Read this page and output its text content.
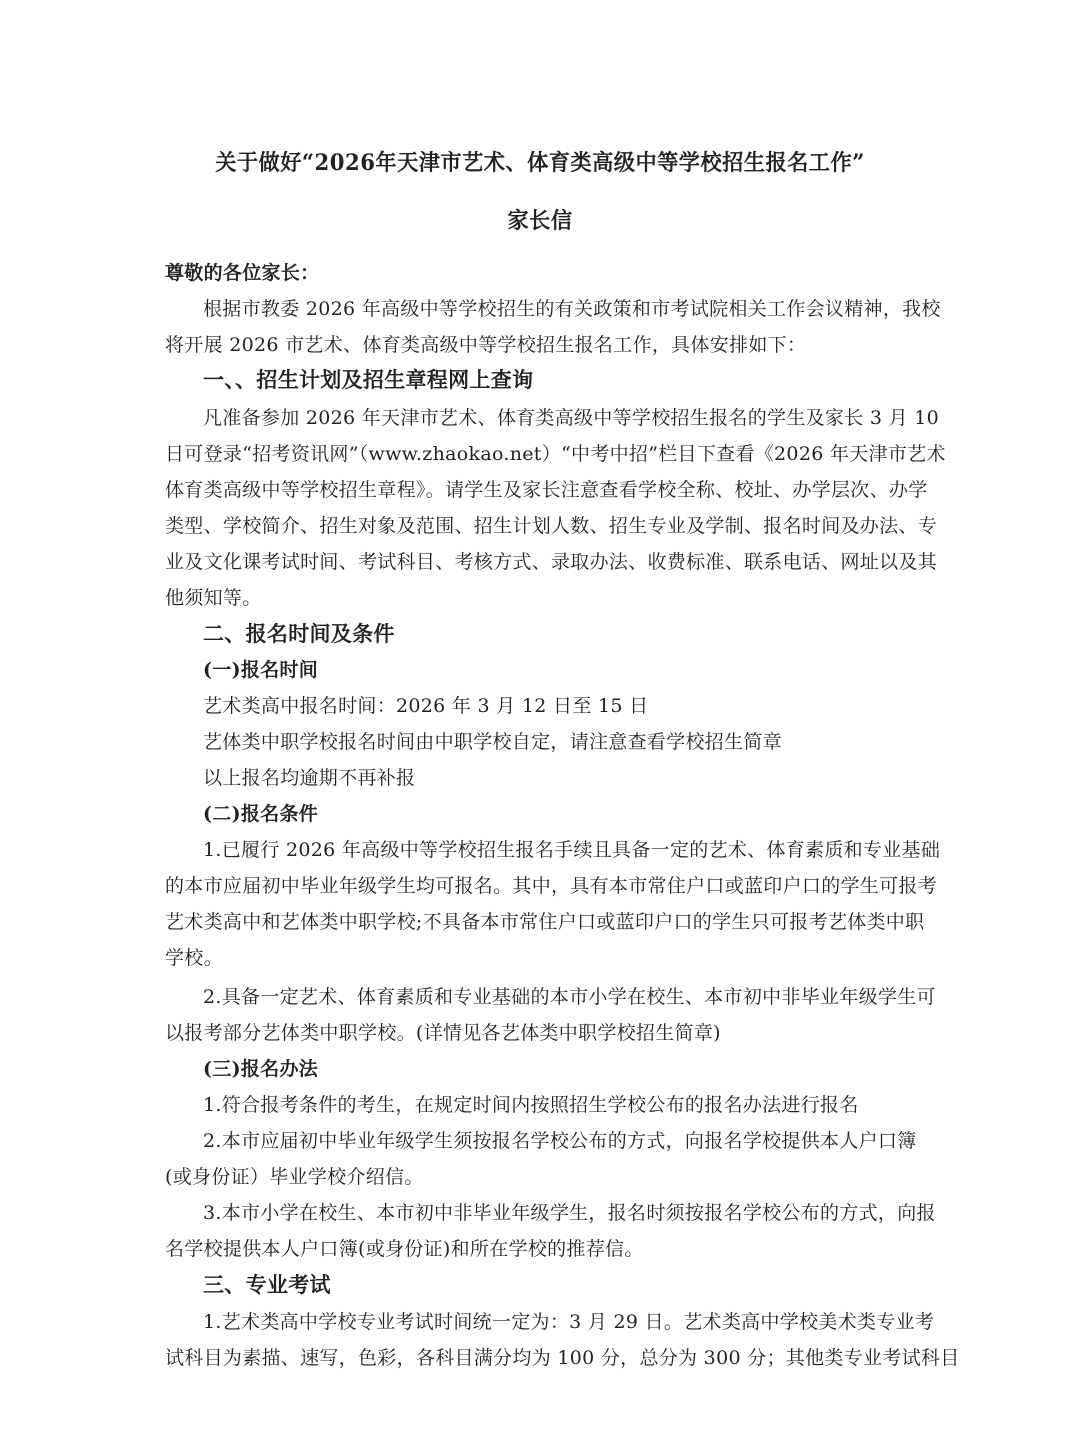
关于做好“2026年天津市艺术、体育类高级中等学校招生报名工作”
家长信
尊敬的各位家长：
根据市教委 2026 年高级中等学校招生的有关政策和市考试院相关工作会议精神，我校
将开展 2026 市艺术、体育类高级中等学校招生报名工作，具体安排如下：
一、、招生计划及招生章程网上查询
凡准备参加 2026 年天津市艺术、体育类高级中等学校招生报名的学生及家长 3 月 10
日可登录“招考资讯网”（www.zhaokao.net）“中考中招”栏目下查看《2026 年天津市艺术
体育类高级中等学校招生章程》。请学生及家长注意查看学校全称、校址、办学层次、办学
类型、学校简介、招生对象及范围、招生计划人数、招生专业及学制、报名时间及办法、专
业及文化课考试时间、考试科目、考核方式、录取办法、收费标准、联系电话、网址以及其
他须知等。
二、报名时间及条件
(一)报名时间
艺术类高中报名时间：2026 年 3 月 12 日至 15 日
艺体类中职学校报名时间由中职学校自定，请注意查看学校招生简章
以上报名均逾期不再补报
(二)报名条件
1.已履行 2026 年高级中等学校招生报名手续且具备一定的艺术、体育素质和专业基础
的本市应届初中毕业年级学生均可报名。其中，具有本市常住户口或蓝印户口的学生可报考
艺术类高中和艺体类中职学校;不具备本市常住户口或蓝印户口的学生只可报考艺体类中职
学校。
2.具备一定艺术、体育素质和专业基础的本市小学在校生、本市初中非毕业年级学生可
以报考部分艺体类中职学校。(详情见各艺体类中职学校招生简章)
(三)报名办法
1.符合报考条件的考生，在规定时间内按照招生学校公布的报名办法进行报名
2.本市应届初中毕业年级学生须按报名学校公布的方式，向报名学校提供本人户口簿
(或身份证）毕业学校介绍信。
3.本市小学在校生、本市初中非毕业年级学生，报名时须按报名学校公布的方式，向报
名学校提供本人户口簿(或身份证)和所在学校的推荐信。
三、专业考试
1.艺术类高中学校专业考试时间统一定为：3 月 29 日。艺术类高中学校美术类专业考
试科目为素描、速写，色彩，各科目满分均为 100 分，总分为 300 分；其他类专业考试科目
